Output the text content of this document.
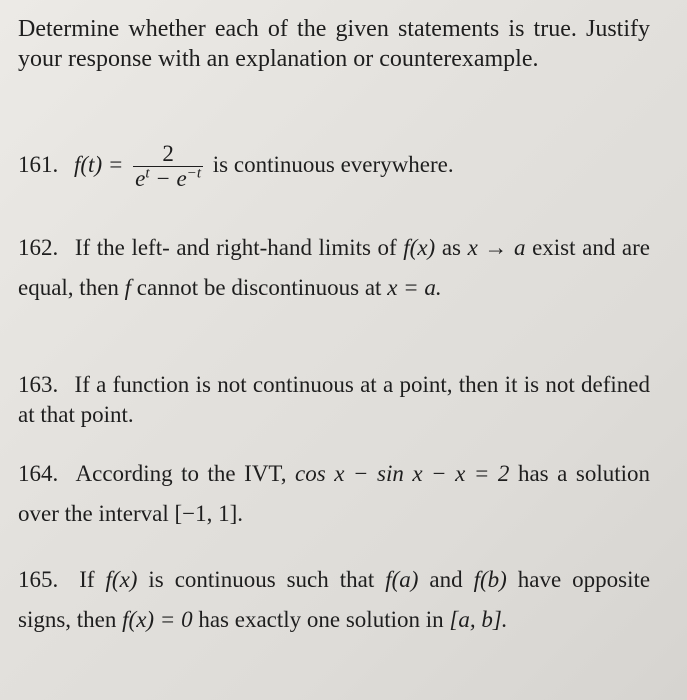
Determine whether each of the given statements is true. Justify your response with an explanation or counterexample.

161. $f(t) = \frac{2}{e^t - e^{-t}}$ is continuous everywhere.
162. If the left- and right-hand limits of f(x) as x → a exist and are equal, then f cannot be discontinuous at x = a.
163. If a function is not continuous at a point, then it is not defined at that point.
164. According to the IVT, cos x − sin x − x = 2 has a solution over the interval [−1, 1].
165. If f(x) is continuous such that f(a) and f(b) have opposite signs, then f(x) = 0 has exactly one solution in [a, b].
